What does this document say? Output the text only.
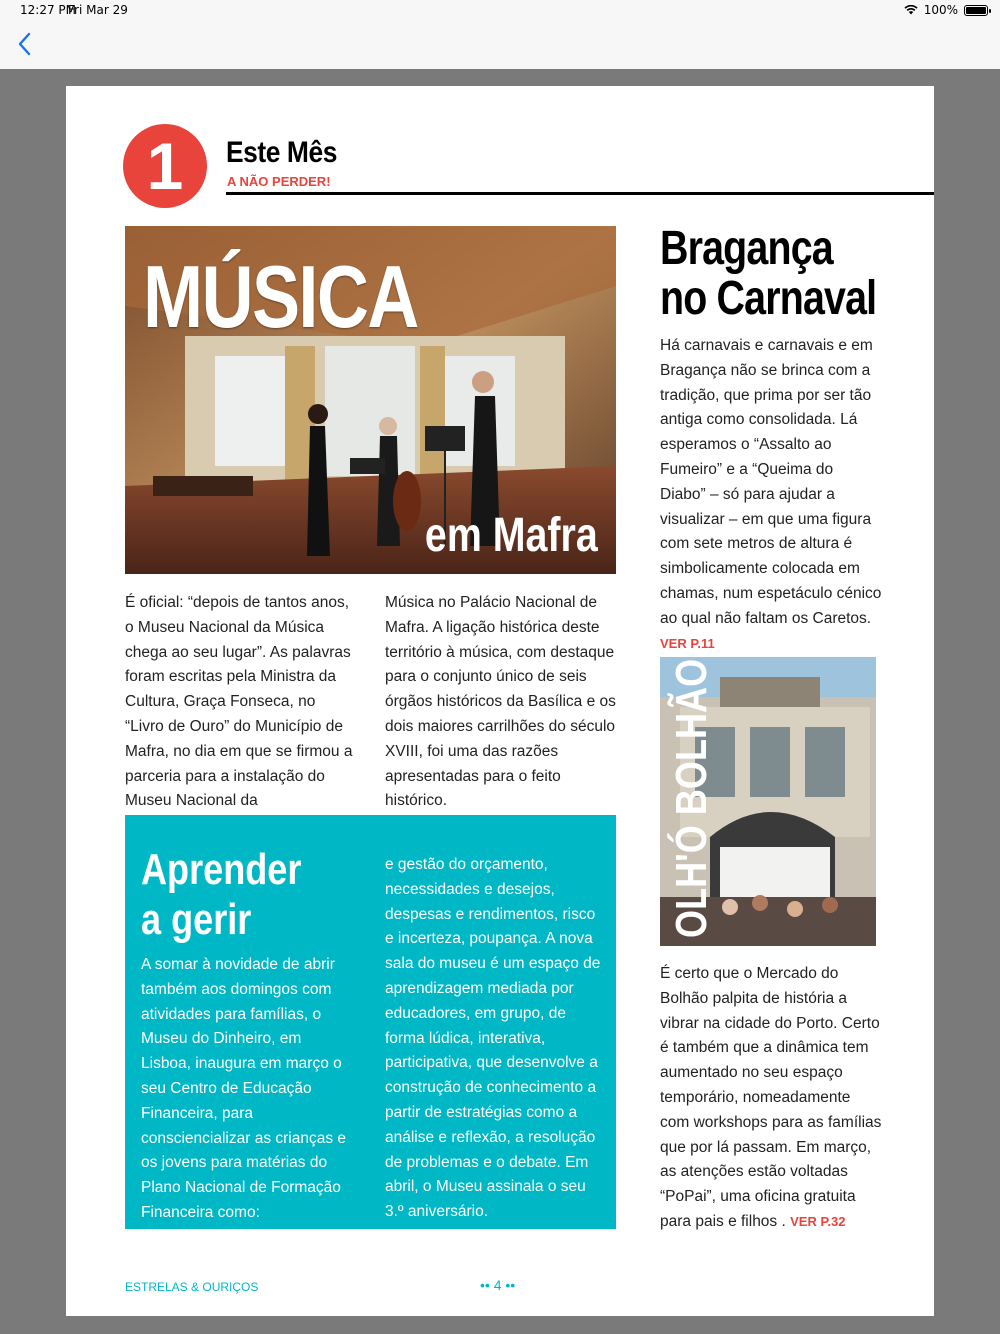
12:27 PM
Fri Mar 29	100%
1	Este Mês
A NÃO PERDER!
MÚSICA
em Mafra
É oficial: “depois de tantos anos, o Museu Nacional da Música chega ao seu lugar”. As palavras foram escritas pela Ministra da Cultura, Graça Fonseca, no “Livro de Ouro” do Município de Mafra, no dia em que se firmou a parceria para a instalação do Museu Nacional da
Música no Palácio Nacional de Mafra. A ligação histórica deste território à música, com destaque para o conjunto único de seis órgãos históricos da Basílica e os dois maiores carrilhões do século XVIII, foi uma das razões apresentadas para o feito histórico.
Bragança
no Carnaval
Há carnavais e carnavais e em Bragança não se brinca com a tradição, que prima por ser tão antiga como consolidada. Lá esperamos o “Assalto ao Fumeiro” e a “Queima do Diabo” – só para ajudar a visualizar – em que uma figura com sete metros de altura é simbolicamente colocada em chamas, num espetáculo cénico ao qual não faltam os Caretos. VER P.11
OLH'Ó BOLHÃO
É certo que o Mercado do Bolhão palpita de história a vibrar na cidade do Porto. Certo é também que a dinâmica tem aumentado no seu espaço temporário, nomeadamente com workshops para as famílias que por lá passam. Em março, as atenções estão voltadas “PoPai”, uma oficina gratuita para pais e filhos . VER P.32
Aprender
a gerir
A somar à novidade de abrir também aos domingos com atividades para famílias, o Museu do Dinheiro, em Lisboa, inaugura em março o seu Centro de Educação Financeira, para consciencializar as crianças e os jovens para matérias do Plano Nacional de Formação Financeira como: planeamento
e gestão do orçamento, necessidades e desejos, despesas e rendimentos, risco e incerteza, poupança. A nova sala do museu é um espaço de aprendizagem mediada por educadores, em grupo, de forma lúdica, interativa, participativa, que desenvolve a construção de conhecimento a partir de estratégias como a análise e reflexão, a resolução de problemas e o debate. Em abril, o Museu assinala o seu 3.º aniversário.
ESTRELAS & OURIÇOS	•• 4 ••
